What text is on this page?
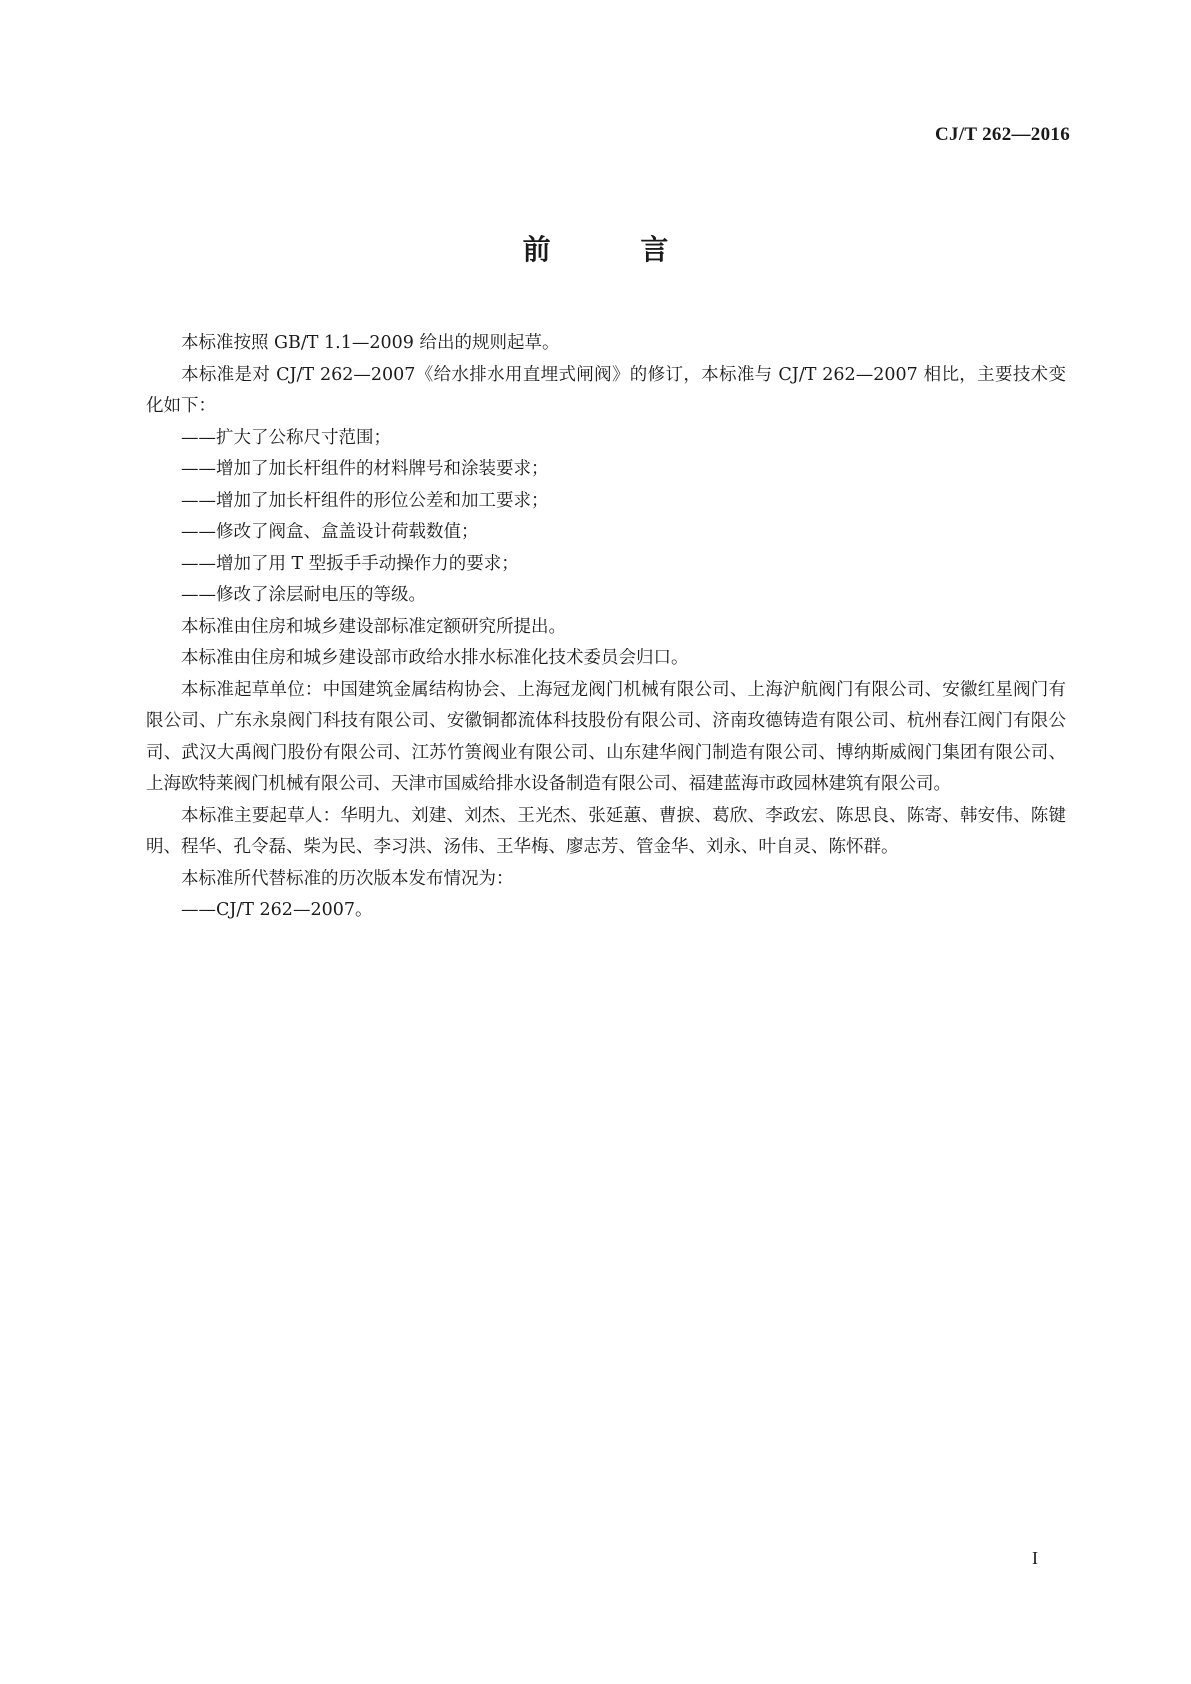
CJ/T 262—2016
前 言

本标准按照 GB/T 1.1—2009 给出的规则起草。

本标准是对 CJ/T 262—2007《给水排水用直埋式闸阀》的修订，本标准与 CJ/T 262—2007 相比，主要技术变化如下：

——扩大了公称尺寸范围；

——增加了加长杆组件的材料牌号和涂装要求；

——增加了加长杆组件的形位公差和加工要求；

——修改了阀盒、盒盖设计荷载数值；

——增加了用 T 型扳手手动操作力的要求；

——修改了涂层耐电压的等级。

本标准由住房和城乡建设部标准定额研究所提出。

本标准由住房和城乡建设部市政给水排水标准化技术委员会归口。

本标准起草单位：中国建筑金属结构协会、上海冠龙阀门机械有限公司、上海沪航阀门有限公司、安徽红星阀门有限公司、广东永泉阀门科技有限公司、安徽铜都流体科技股份有限公司、济南玫德铸造有限公司、杭州春江阀门有限公司、武汉大禹阀门股份有限公司、江苏竹箦阀业有限公司、山东建华阀门制造有限公司、博纳斯威阀门集团有限公司、上海欧特莱阀门机械有限公司、天津市国威给排水设备制造有限公司、福建蓝海市政园林建筑有限公司。

本标准主要起草人：华明九、刘建、刘杰、王光杰、张延蕙、曹捩、葛欣、李政宏、陈思良、陈寄、韩安伟、陈键明、程华、孔令磊、柴为民、李习洪、汤伟、王华梅、廖志芳、管金华、刘永、叶自灵、陈怀群。

本标准所代替标准的历次版本发布情况为：

——CJ/T 262—2007。

I
